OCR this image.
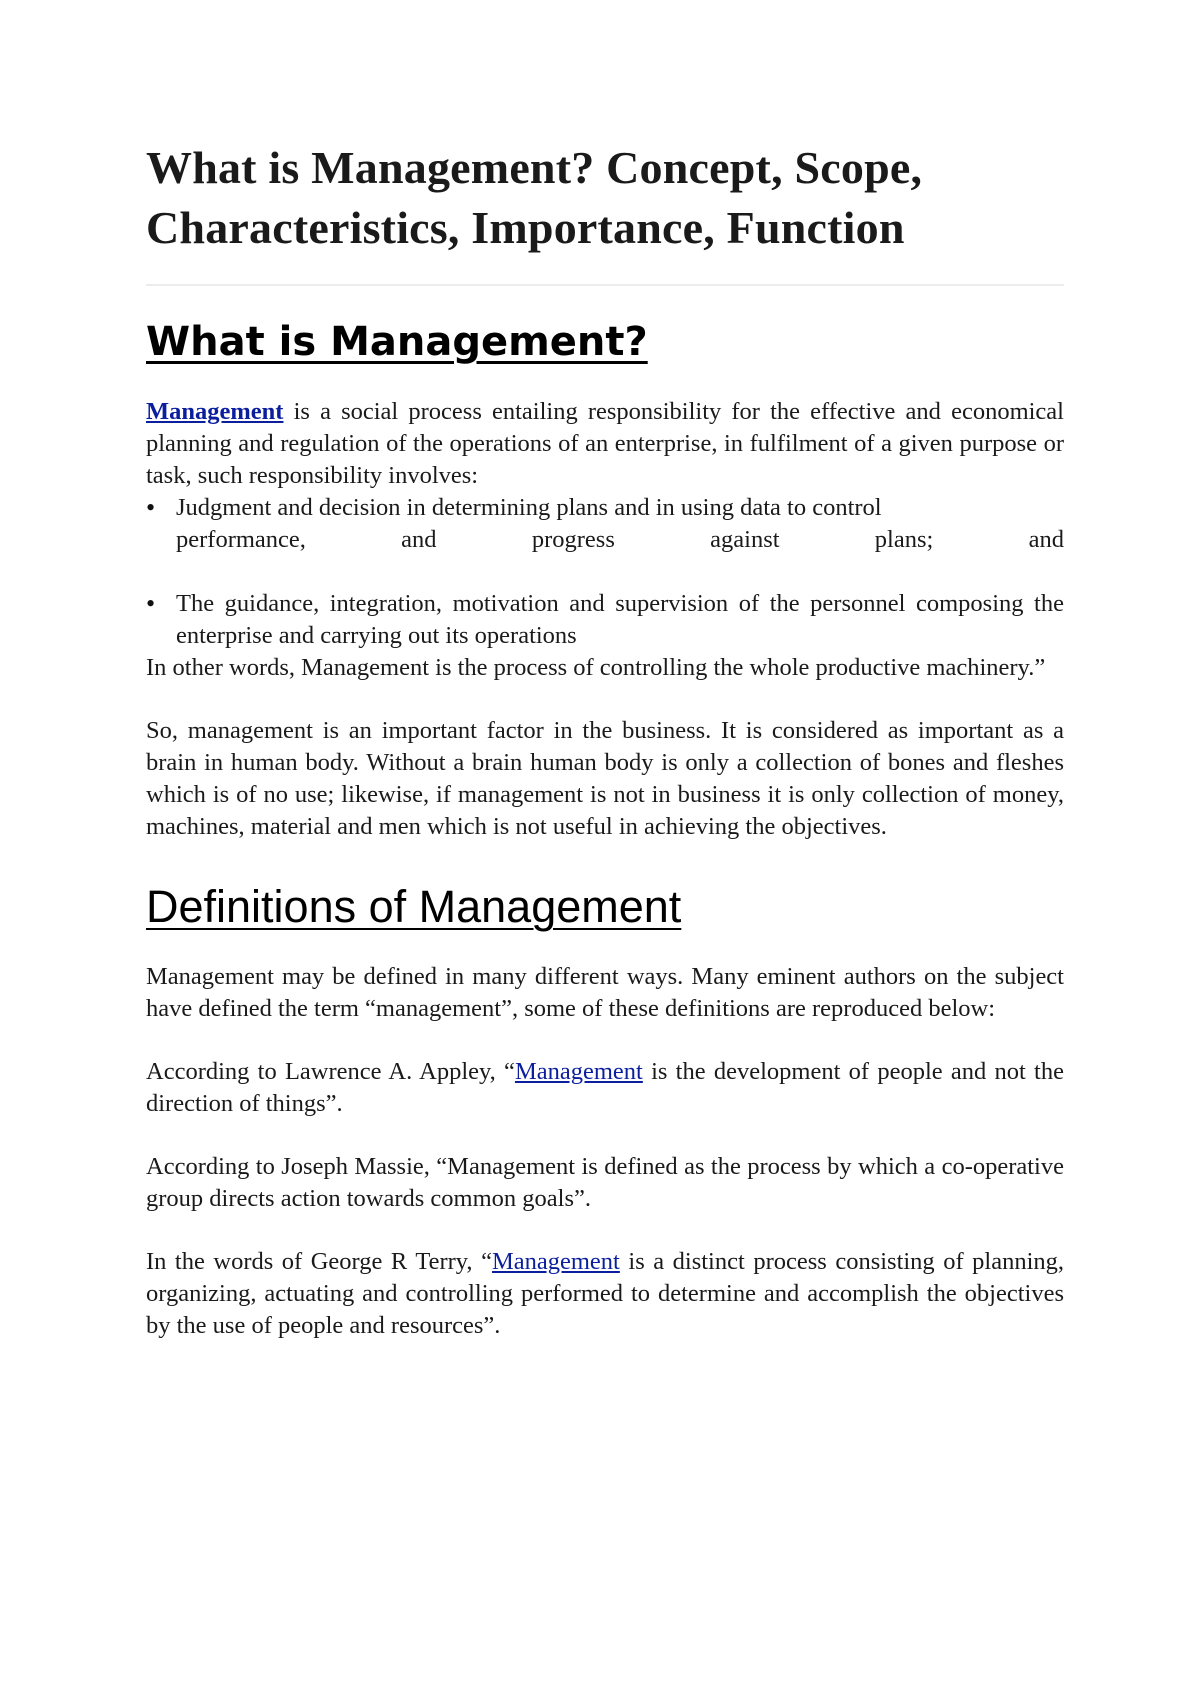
What is Management? Concept, Scope, Characteristics, Importance, Function
What is Management?

Management is a social process entailing responsibility for the effective and economical planning and regulation of the operations of an enterprise, in fulfilment of a given purpose or task, such responsibility involves:

• Judgment and decision in determining plans and in using data to control
performance, and progress against plans; and
• The guidance, integration, motivation and supervision of the personnel composing the enterprise and carrying out its operations

In other words, Management is the process of controlling the whole productive machinery.”

So, management is an important factor in the business. It is considered as important as a brain in human body. Without a brain human body is only a collection of bones and fleshes which is of no use; likewise, if management is not in business it is only collection of money, machines, material and men which is not useful in achieving the objectives.

Definitions of Management

Management may be defined in many different ways. Many eminent authors on the subject have defined the term “management”, some of these definitions are reproduced below:

According to Lawrence A. Appley, “Management is the development of people and not the direction of things”.

According to Joseph Massie, “Management is defined as the process by which a co-operative group directs action towards common goals”.

In the words of George R Terry, “Management is a distinct process consisting of planning, organizing, actuating and controlling performed to determine and accomplish the objectives by the use of people and resources”.
